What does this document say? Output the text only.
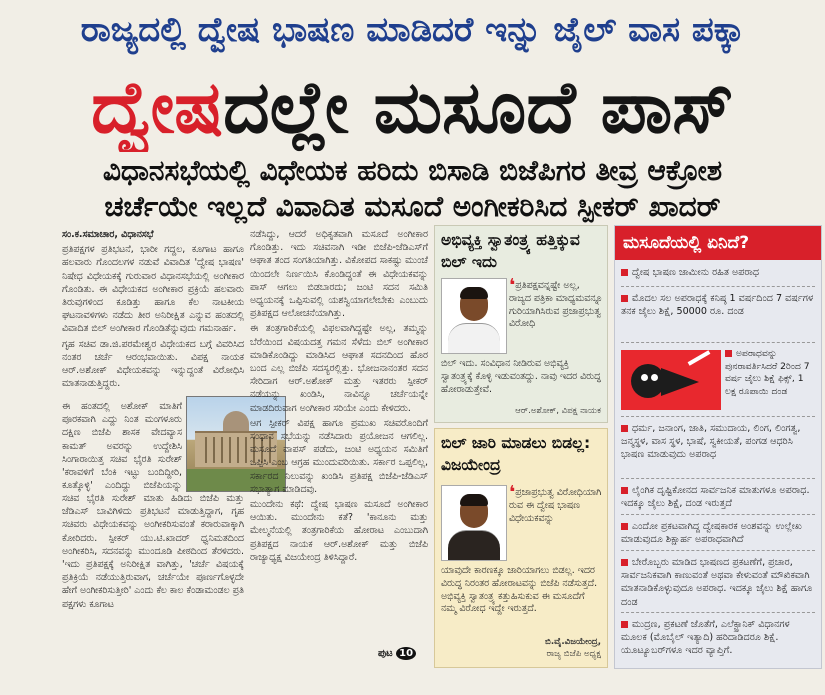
ರಾಜ್ಯದಲ್ಲಿ ದ್ವೇಷ ಭಾಷಣ ಮಾಡಿದರೆ ಇನ್ನು ಜೈಲ್ ವಾಸ ಪಕ್ಕಾ
ದ್ವೇಷದಲ್ಲೇ ಮಸೂದೆ ಪಾಸ್
ವಿಧಾನಸಭೆಯಲ್ಲಿ ವಿಧೇಯಕ ಹರಿದು ಬಿಸಾಡಿ ಬಿಜೆಪಿಗರ ತೀವ್ರ ಆಕ್ರೋಶ
ಚರ್ಚೆಯೇ ಇಲ್ಲದೆ ವಿವಾದಿತ ಮಸೂದೆ ಅಂಗೀಕರಿಸಿದ ಸ್ಪೀಕರ್ ಖಾದರ್

ಸಂ.ಕ.ಸಮಾಚಾರ, ವಿಧಾನಸಭೆ

ಪ್ರತಿಪಕ್ಷಗಳ ಪ್ರತಿಭಟನೆ, ಭಾರೀ ಗದ್ದಲ, ಕೂಗಾಟ ಹಾಗೂ ಹಲವಾರು ಗೊಂದಲಗಳ ನಡುವೆ ವಿವಾದಿತ 'ದ್ವೇಷ ಭಾಷಣ' ನಿಷೇಧ ವಿಧೇಯಕಕ್ಕೆ ಗುರುವಾರ ವಿಧಾನಸಭೆಯಲ್ಲಿ ಅಂಗೀಕಾರ ಗೊಂಡಿತು. ಈ ವಿಧೇಯಕದ ಅಂಗೀಕಾರ ಪ್ರಕ್ರಿಯೆ ಹಲವಾರು ತಿರುವುಗಳಿಂದ ಕೂಡಿತ್ತು ಹಾಗೂ ಕೆಲ ನಾಟಕೀಯ ಘಟನಾವಳಿಗಳು ನಡೆದು ತೀರ ಅನಿರೀಕ್ಷಿತ ಎನ್ನುವ ಹಂತದಲ್ಲಿ ವಿವಾದಿತ ಬಿಲ್ ಅಂಗೀಕಾರ ಗೊಂಡಿತೆನ್ನುವುದು ಗಮನಾರ್ಹ.

ಗೃಹ ಸಚಿವ ಡಾ.ಜಿ.ಪರಮೇಶ್ವರ ವಿಧೇಯಕದ ಬಗ್ಗೆ ವಿವರಿಸಿದ ನಂತರ ಚರ್ಚೆ ಆರಂಭವಾಯಿತು. ವಿಪಕ್ಷ ನಾಯಕ ಆರ್.ಅಶೋಕ್ ವಿಧೇಯಕವನ್ನು ಇನ್ನುದ್ದಂತೆ ವಿರೋಧಿಸಿ ಮಾತನಾಡುತ್ತಿದ್ದರು.

ಈ ಹಂತದಲ್ಲಿ ಅಶೋಕ್ ಮಾತಿಗೆ ಪೂರಕವಾಗಿ ಎದ್ದು ನಿಂತ ಮಂಗಳೂರು ದಕ್ಷಿಣ ಬಿಜೆಪಿ ಶಾಸಕ ವೇದವ್ಯಾಸ ಕಾಮತ್ ಅವರನ್ನು ಉದ್ದೇಶಿಸಿ ಸಿಂಗಾರಾಯಿತ್ತ ಸಚಿವ ಭೈರತಿ ಸುರೇಶ್ 'ಕರಾವಳಿಗೆ ಬೆಂಕಿ ಇಟ್ಟು ಬಂದಿದ್ದೀರಿ, ಕೂತ್ಕೊಳ್ಳಿ' ಎಂದಿದ್ದು ಬಿಜೆಪಿಯನ್ನು

ಸಚಿವ ಭೈರತಿ ಸುರೇಶ್ ಮಾತು ಹಿಡಿದು ಬಿಜೆಪಿ ಮತ್ತು ಜೆಡಿಎಸ್ ಬಾವಿಗಿಳಿದು ಪ್ರತಿಭಟನೆ ಮಾಡುತ್ತಿದ್ದಾಗ, ಗೃಹ ಸಚಿವರು ವಿಧೇಯಕವನ್ನು ಅಂಗೀಕರಿಸುವಂತೆ ಕರಾರುವಾಕ್ಕಾಗಿ ಕೋರಿದರು. ಸ್ಪೀಕರ್ ಯು.ಟಿ.ಖಾದರ್ ಧ್ವನಿಮತದಿಂದ ಅಂಗೀಕರಿಸಿ, ಸದನವನ್ನು ಮುಂದೂಡಿ ಪೀಠದಿಂದ ತೆರಳಿದರು. 'ಇದು ಪ್ರತಿಪಕ್ಷಕ್ಕೆ ಅನಿರೀಕ್ಷಿತ ವಾಗಿತ್ತು, 'ಚರ್ಚೆ ವಿಷಯಕ್ಕೆ ಪ್ರತಿಕ್ರಿಯೆ ನಡೆಯುತ್ತಿರುವಾಗ, ಚರ್ಚೆಯೇ ಪೂರ್ಣಗೊಳ್ಳದೇ ಹೇಗೆ ಅಂಗೀಕರಿಸುತ್ತೀರಿ' ಎಂದು ಕೆಲ ಕಾಲ ಕೆಂಡಾಮಂಡಲ ಪ್ರತಿ ಪಕ್ಷಗಳು ಕೂಗಾಟ

ನಡೆಸಿದ್ದು, ಆದರೆ ಅಧಿಕೃತವಾಗಿ ಮಸೂದೆ ಅಂಗೀಕಾರ ಗೊಂಡಿತ್ತು. ಇದು ಸಚಿವನಾಗಿ ಇಡೀ ಬಿಜೆಪಿ-ಜೆಡಿಎಸ್‌ಗೆ ಆಘಾತ ತಂದ ಸಂಗತಿಯಾಗಿತ್ತು. ವಿಕೋಪದ ಸಾಕಷ್ಟು ಮುಂಚೆ ಯಿಂದಲೇ ನಿರ್ಣಯಿಸಿ ಕೊಂಡಿದ್ದಂತೆ ಈ ವಿಧೇಯಕವನ್ನು ಪಾಸ್ ಆಗಲು ಬಿಡಬಾರದು; ಜಂಟಿ ಸದನ ಸಮಿತಿ ಅಧ್ಯಯನಕ್ಕೆ ಒಪ್ಪಿಸುವಲ್ಲಿ ಯಶಸ್ವಿಯಾಗಲೇಬೇಕು ಎಂಬುದು ಪ್ರತಿಪಕ್ಷದ ಆಲೋಚನೆಯಾಗಿತ್ತು.

ಈ ತಂತ್ರಗಾರಿಕೆಯಲ್ಲಿ ವಿಫಲವಾಗಿದ್ದಷ್ಟೇ ಅಲ್ಲ, ತಮ್ಮನ್ನು ಬೆರೆಯಿಂದ ವಿಷಯದತ್ತ ಗಮನ ಸೆಳೆದು ಬಿಲ್ ಅಂಗೀಕಾರ ಮಾಡಿಕೊಂಡಿದ್ದು ಮಾಡಿಸಿದ ಆಘಾತ ಸದನದಿಂದ ಹೊರ ಬಂದ ಎಲ್ಲ ಬಿಜೆಪಿ ಸದಸ್ಯರಲ್ಲಿತ್ತು. ಭೋಜನಾನಂತರ ಸದನ ಸೇರಿದಾಗ ಆರ್.ಅಶೋಕ್ ಮತ್ತು ಇತರರು ಸ್ಪೀಕರ್ ನಡೆಯನ್ನು ಖಂಡಿಸಿ, ನಾವಿನ್ನೂ ಚರ್ಚೆಯನ್ನೇ ಮಾಡದಿರುವಾಗ ಅಂಗೀಕಾರ ಸರಿಯೇ ಎಂದು ಕೇಳಿದರು.

ಆಗ ಸ್ಪೀಕರ್ ವಿಪಕ್ಷ ಹಾಗೂ ಪ್ರಮುಖ ಸಚಿವರೊಂದಿಗೆ ಸಂಧಾನ ಸಭೆಯನ್ನು ನಡೆಸಿದಾರು ಪ್ರಯೋಜನ ಆಗಲಿಲ್ಲ. ಮಸೂದೆ ವಾಪಸ್ ಪಡೆದು, ಜಂಟಿ ಅಧ್ಯಯನ ಸಮಿತಿಗೆ ಒಪ್ಪಿಸಿ ಎಂಬ ಆಗ್ರಹ ಮುಂದುವರಿಯಿತು. ಸರ್ಕಾರ ಒಪ್ಪಲಿಲ್ಲ, ಸರ್ಕಾರದ ನಿಲುವನ್ನು ಖಂಡಿಸಿ ಪ್ರತಿಪಕ್ಷ ಬಿಜೆಪಿ-ಜೆಡಿಎಸ್ ಸಭಾತ್ಯಾಗ ಮಾಡಿದವು.

ಮುಂದೇನು ಕಥೆ: ದ್ವೇಷ ಭಾಷಣ ಮಸೂದೆ ಅಂಗೀಕಾರ ಆಯಿತು. ಮುಂದೇನು ಕತೆ? 'ಕಾನೂನು ಮತ್ತು ಮೇಲ್ಮನೆಯಲ್ಲಿ ತಂತ್ರಗಾರಿಕೆಯ ಹೋರಾಟ ಎಂಬುದಾಗಿ ಪ್ರತಿಪಕ್ಷದ ನಾಯಕ ಆರ್.ಅಶೋಕ್ ಮತ್ತು ಬಿಜೆಪಿ ರಾಜ್ಯಾಧ್ಯಕ್ಷ ವಿಜಯೇಂದ್ರ ತಿಳಿಸಿದ್ದಾರೆ.

ಪುಟ 10
ಅಭಿವ್ಯಕ್ತಿ ಸ್ವಾತಂತ್ರ್ಯ ಹತ್ತಿಕ್ಕುವ ಬಿಲ್ ಇದು
❛ಪ್ರತಿಪಕ್ಷವನ್ನಷ್ಟೇ ಅಲ್ಲ, ರಾಜ್ಯದ ಪತ್ರಿಕಾ ಮಾಧ್ಯಮವನ್ನೂ ಗುರಿಯಾಗಿಸಿರುವ ಪ್ರಜಾಪ್ರಭುತ್ವ ವಿರೋಧಿ
ಬಿಲ್ ಇದು. ಸಂವಿಧಾನ ನೀಡಿರುವ ಅಭಿವ್ಯಕ್ತಿ ಸ್ವಾತಂತ್ರ್ಯಕ್ಕೆ ಕೊಳ್ಳಿ ಇಡುವಂತದ್ದು. ನಾವು ಇದರ ವಿರುದ್ಧ ಹೋರಾಡುತ್ತೇವೆ.
ಆರ್.ಅಶೋಕ್, ವಿಪಕ್ಷ ನಾಯಕ
ಬಿಲ್ ಜಾರಿ ಮಾಡಲು ಬಿಡಲ್ಲ: ವಿಜಯೇಂದ್ರ
❛ಪ್ರಜಾಪ್ರಭುತ್ವ ವಿರೋಧಿಯಾಗಿ ರುವ ಈ ದ್ವೇಷ ಭಾಷಣ ವಿಧೇಯಕವನ್ನು
ಯಾವುದೇ ಕಾರಣಕ್ಕೂ ಜಾರಿಯಾಗಲು ಬಿಡಲ್ಲ. ಇದರ ವಿರುದ್ಧ ನಿರಂತರ ಹೋರಾಟವನ್ನು ಬಿಜೆಪಿ ನಡೆಸುತ್ತದೆ. ಅಭಿವ್ಯಕ್ತಿ ಸ್ವಾತಂತ್ರ್ಯ ಕತ್ತುಹಿಸುಕುವ ಈ ಮಸೂದೆಗೆ ನಮ್ಮ ವಿರೋಧ ಇದ್ದೇ ಇರುತ್ತದೆ.
ಬಿ.ವೈ.ವಿಜಯೇಂದ್ರ,
ರಾಜ್ಯ ಬಿಜೆಪಿ ಅಧ್ಯಕ್ಷ
ಮಸೂದೆಯಲ್ಲಿ ಏನಿದೆ?
ದ್ವೇಷ ಭಾಷಣ ಜಾಮೀನು ರಹಿತ ಅಪರಾಧ
ಮೊದಲ ಸಲ ಅಪರಾಧಕ್ಕೆ ಕನಿಷ್ಠ 1 ವರ್ಷದಿಂದ 7 ವರ್ಷಗಳ ತನಕ ಜೈಲು ಶಿಕ್ಷೆ, 50000 ರೂ. ದಂಡ
ಅಪರಾಧವನ್ನು ಪುನರಾವರ್ತಿಸಿದರೆ 2ರಿಂದ 7 ವರ್ಷ ಜೈಲು ಶಿಕ್ಷೆ ಫಿಕ್ಸ್, 1 ಲಕ್ಷ ರೂಪಾಯಿ ದಂಡ
ಧರ್ಮ, ಜನಾಂಗ, ಜಾತಿ, ಸಮುದಾಯ, ಲಿಂಗ, ಲಿಂಗತ್ವ, ಜನ್ಮಸ್ಥಳ, ವಾಸ ಸ್ಥಳ, ಭಾಷೆ, ಸ್ವಕೀಯತೆ, ಪಂಗಡ ಆಧರಿಸಿ ಭಾಷಣ ಮಾಡುವುದು ಅಪರಾಧ
ಲೈಂಗಿಕ ದೃಷ್ಟಿಕೋನದ ಸಾರ್ವಜನಿಕ ಮಾತುಗಳೂ ಅಪರಾಧ. ಇದಕ್ಕೂ ಜೈಲು ಶಿಕ್ಷೆ, ದಂಡ ಇರುತ್ತದೆ
ಎಂದೋ ಪ್ರಕಟವಾಗಿದ್ದ ದ್ವೇಷಕಾರಕ ಅಂಶವನ್ನು ಉಲ್ಲೇಖ ಮಾಡುವುದೂ ಶಿಕ್ಷಾರ್ಹ ಅಪರಾಧವಾಗಿದೆ
ಬೇರೊಬ್ಬರು ಮಾಡಿದ ಭಾಷಣದ ಪ್ರಕಟಣೆಗೆ, ಪ್ರಚಾರ, ಸಾರ್ವಜನಿಕವಾಗಿ ಕಾಣುವಂತೆ ಅಥವಾ ಕೇಳುವಂತೆ ಮೌಖಿಕವಾಗಿ ಮಾತನಾಡಿಕೊಳ್ಳುವುದೂ ಅಪರಾಧ. ಇದಕ್ಕೂ ಜೈಲು ಶಿಕ್ಷೆ ಹಾಗೂ ದಂಡ
ಮುದ್ರಣ, ಪ್ರಕಟಣೆ ಜೊತೆಗೆ, ಎಲೆಕ್ಟ್ರಾನಿಕ್ ವಿಧಾನಗಳ ಮೂಲಕ (ಮೊಬೈಲ್ ಇತ್ಯಾದಿ) ಹರಿದಾಡಿದರೂ ಶಿಕ್ಷೆ. ಯೂಟ್ಯೂಬರ್‌ಗಳೂ ಇದರ ವ್ಯಾಪ್ತಿಗೆ.
